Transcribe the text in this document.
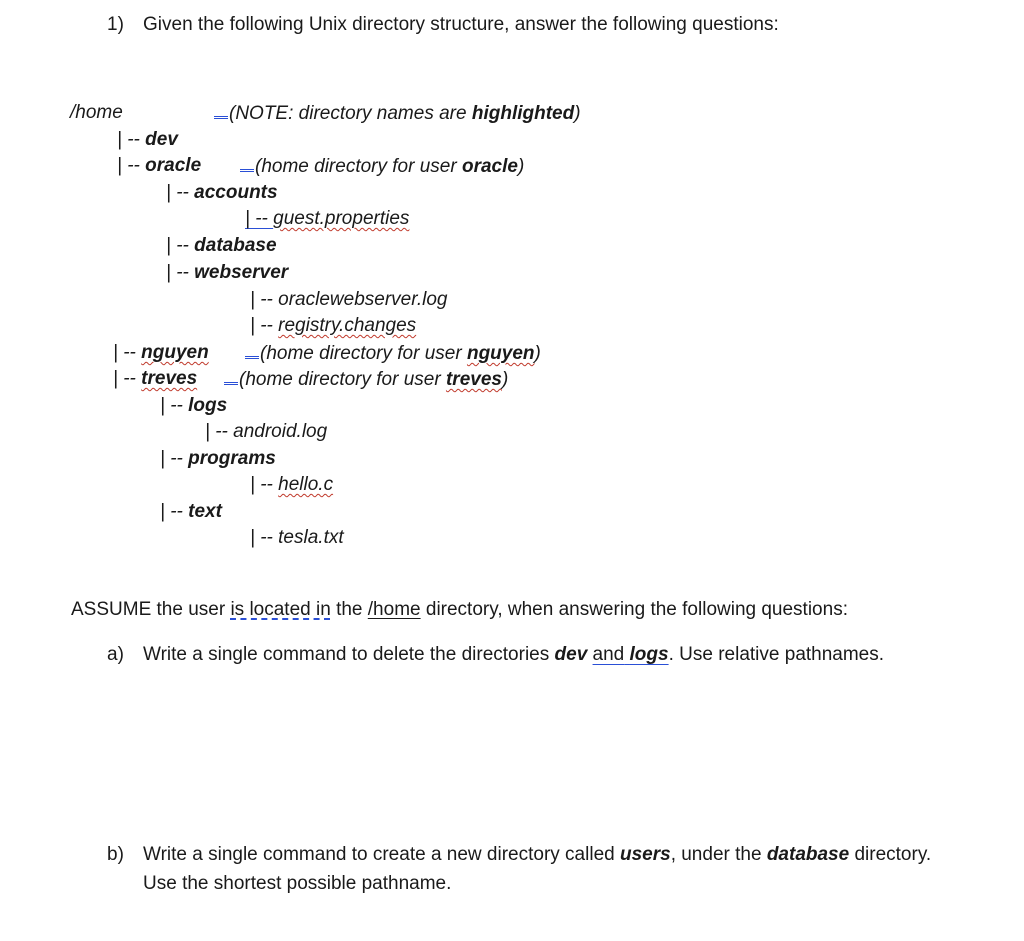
1) Given the following Unix directory structure, answer the following questions:
/home	(NOTE: directory names are highlighted)
| -- dev
| -- oracle	(home directory for user oracle)
| -- accounts
| -- guest.properties
| -- database
| -- webserver
| -- oraclewebserver.log
| -- registry.changes
| -- nguyen	(home directory for user nguyen)
| -- treves	(home directory for user treves)
| -- logs
| -- android.log
| -- programs
| -- hello.c
| -- text
| -- tesla.txt
ASSUME the user is located in the /home directory, when answering the following questions:
a) Write a single command to delete the directories dev and logs. Use relative pathnames.
b) Write a single command to create a new directory called users, under the database directory.
Use the shortest possible pathname.
